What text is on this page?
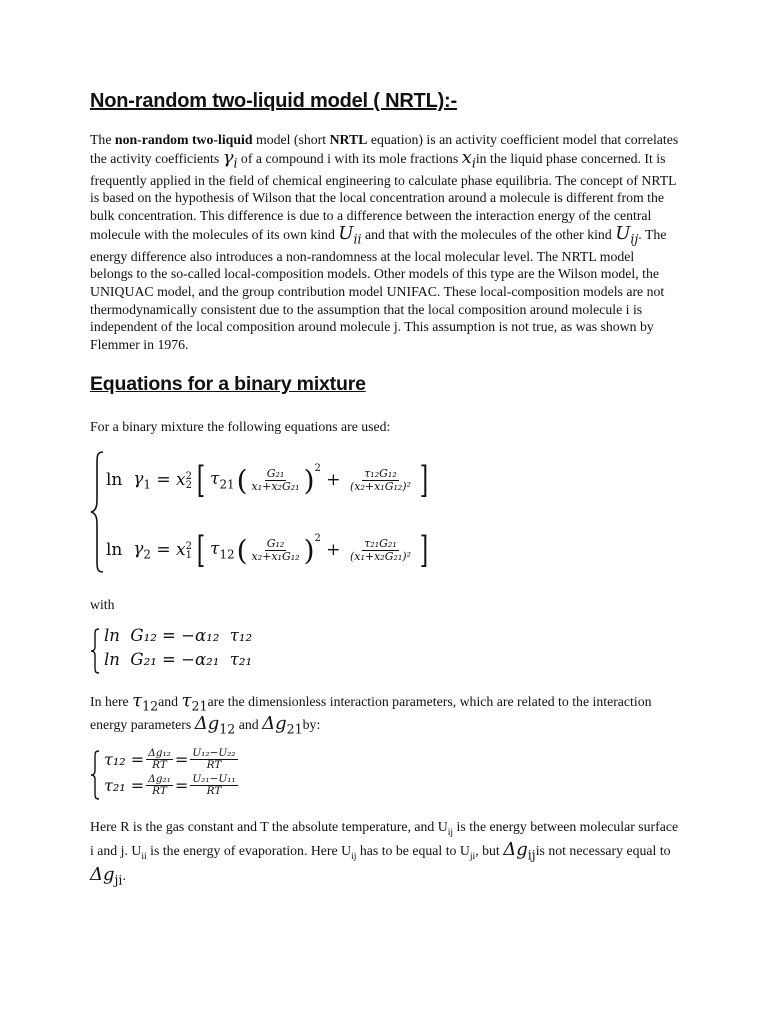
Non-random two-liquid model ( NRTL):-

The non-random two-liquid model (short NRTL equation) is an activity coefficient model that correlates the activity coefficients $\gamma_i$ of a compound i with its mole fractions $x_iin$ the liquid phase concerned. It is frequently applied in the field of chemical engineering to calculate phase equilibria. The concept of NRTL is based on the hypothesis of Wilson that the local concentration around a molecule is different from the bulk concentration. This difference is due to a difference between the interaction energy of the central molecule with the molecules of its own kind $U_{ii}$ and that with the molecules of the other kind $U_{ij}$. The energy difference also introduces a non-randomness at the local molecular level. The NRTL model belongs to the so-called local-composition models. Other models of this type are the Wilson model, the UNIQUAC model, and the group contribution model UNIFAC. These local-composition models are not thermodynamically consistent due to the assumption that the local composition around molecule i is independent of the local composition around molecule j. This assumption is not true, as was shown by Flemmer in 1976.

Equations for a binary mixture

For a binary mixture the following equations are used:

ln
$\gamma_1$
=
x 2
2 [ $\tau_{21}$ ( $\frac{\text{G₂₁}}{\text{x₁+x₂G₂₁}} )^2$

+
$\frac{\text{τ₁₂G₁₂}}{\text{(x₂+x₁G₁₂)²}}$ ]
ln
$\gamma_2$
=
x 2
1 [ $\tau_{12}$ ( $\frac{\text{G₁₂}}{\text{x₂+x₁G₁₂}} )^2$

+
$\frac{\text{τ₂₁G₂₁}}{\text{(x₁+x₂G₂₁)²}}$ ]

with

ln  G₁₂ = −α₁₂  τ₁₂
ln  G₂₁ = −α₂₁  τ₂₁

In here $\tau_{12}and$ $\tau_{21}are$ the dimensionless interaction parameters, which are related to the interaction energy parameters $\Delta g_{12}$ and $\Delta g_{21}by$:

$\tau_{12} = \frac{\text{Δg₁₂}}{RT} = \frac{\text{U₁₂−U₂₂}}{RT}$
$\tau_{21} = \frac{\text{Δg₂₁}}{RT} = \frac{\text{U₂₁−U₁₁}}{RT}$

Here R is the gas constant and T the absolute temperature, and $U_{ij}$ is the energy between molecular surface i and j. $U_{ii}$ is the energy of evaporation. Here $U_{ij}$ has to be equal to $U_{ji}$, but $\Delta g_{ij}is$ not necessary equal to $\Delta g_{ji}$.
